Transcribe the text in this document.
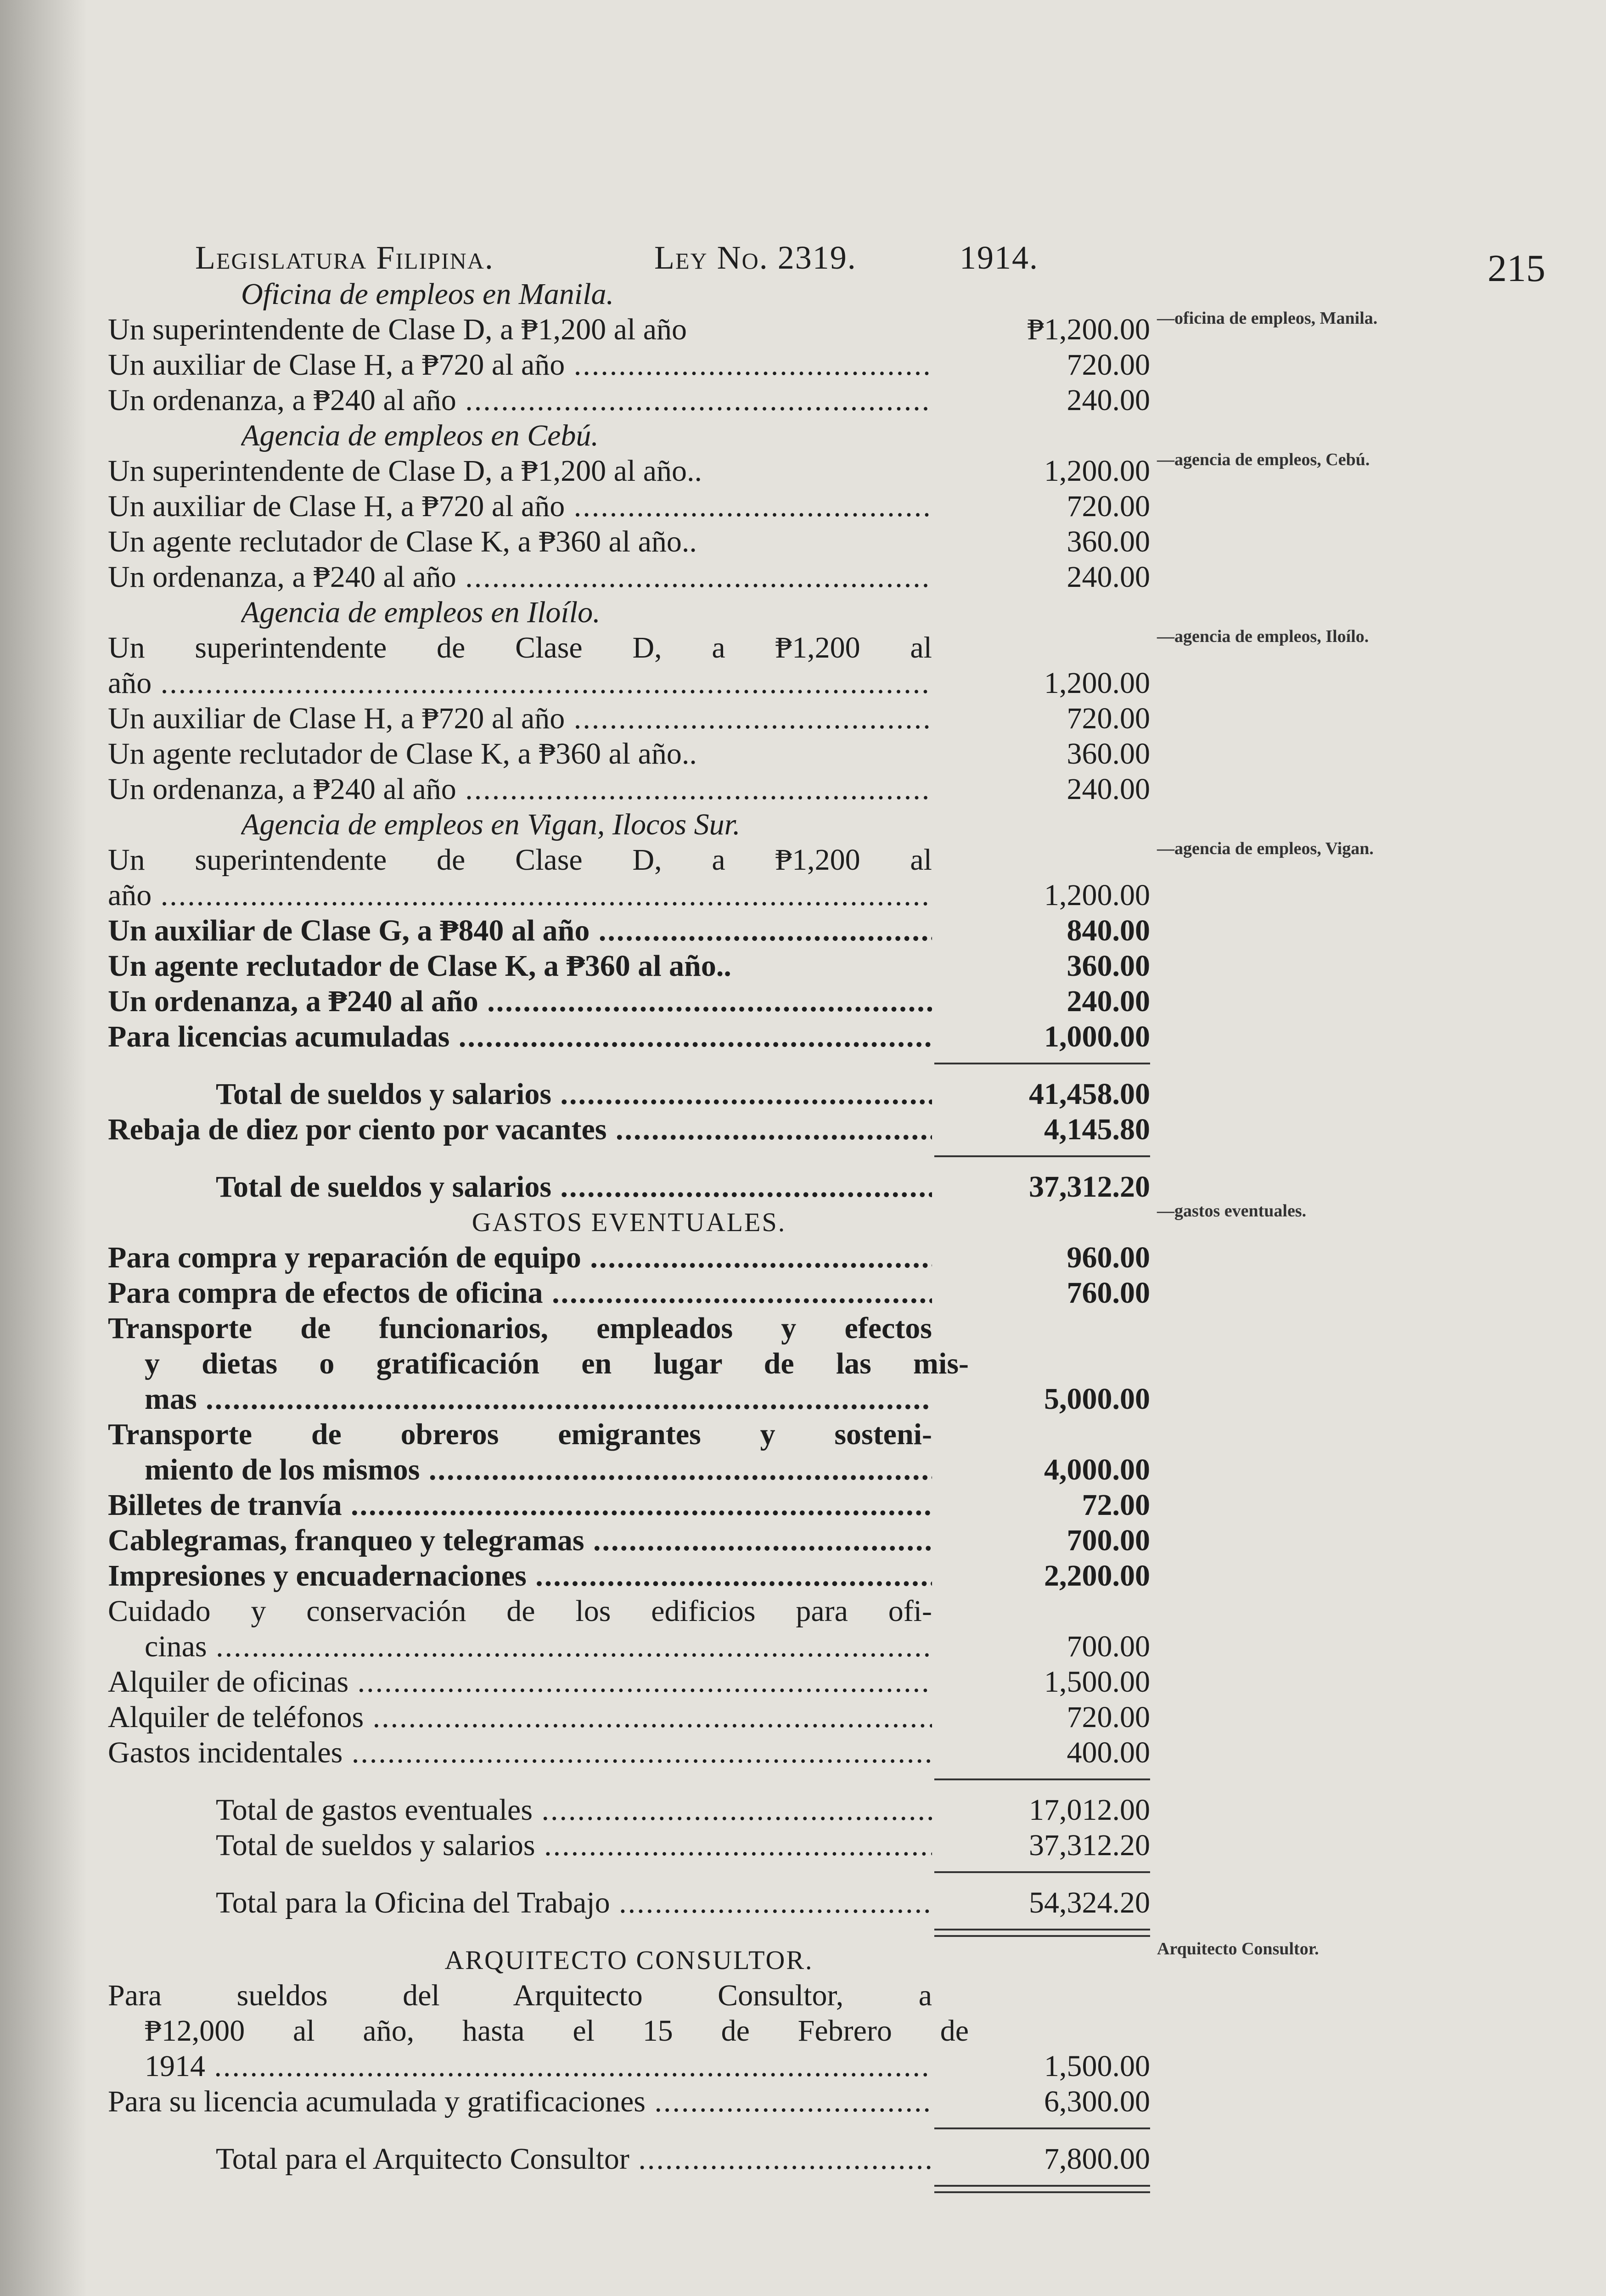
Legislatura Filipina.	Ley No. 2319.	1914.	215
Oficina de empleos en Manila.
Un superintendente de Clase D, a ₱1,200 al año	₱1,200.00
Un auxiliar de Clase H, a ₱720 al año .....	720.00
Un ordenanza, a ₱240 al año .....	240.00
Agencia de empleos en Cebú.
Un superintendente de Clase D, a ₱1,200 al año..	1,200.00
Un auxiliar de Clase H, a ₱720 al año .....	720.00
Un agente reclutador de Clase K, a ₱360 al año..	360.00
Un ordenanza, a ₱240 al año .....	240.00
Agencia de empleos en Iloílo.
Un superintendente de Clase D, a ₱1,200 al
año .....	1,200.00
Un auxiliar de Clase H, a ₱720 al año .....	720.00
Un agente reclutador de Clase K, a ₱360 al año..	360.00
Un ordenanza, a ₱240 al año .....	240.00
Agencia de empleos en Vigan, Ilocos Sur.
Un superintendente de Clase D, a ₱1,200 al
año .....	1,200.00
Un auxiliar de Clase G, a ₱840 al año .....	840.00
Un agente reclutador de Clase K, a ₱360 al año..	360.00
Un ordenanza, a ₱240 al año .....	240.00
Para licencias acumuladas .....	1,000.00
Total de sueldos y salarios .....	41,458.00
Rebaja de diez por ciento por vacantes .....	4,145.80
Total de sueldos y salarios .....	37,312.20
GASTOS EVENTUALES.
Para compra y reparación de equipo .....	960.00
Para compra de efectos de oficina .....	760.00
Transporte de funcionarios, empleados y efectos
y dietas o gratificación en lugar de las mis-
mas .....	5,000.00
Transporte de obreros emigrantes y sosteni-
miento de los mismos .....	4,000.00
Billetes de tranvía .....	72.00
Cablegramas, franqueo y telegramas .....	700.00
Impresiones y encuadernaciones .....	2,200.00
Cuidado y conservación de los edificios para ofi-
cinas .....	700.00
Alquiler de oficinas .....	1,500.00
Alquiler de teléfonos .....	720.00
Gastos incidentales .....	400.00
Total de gastos eventuales .....	17,012.00
Total de sueldos y salarios .....	37,312.20
Total para la Oficina del Trabajo .....	54,324.20
ARQUITECTO CONSULTOR.
Para sueldos del Arquitecto Consultor, a
₱12,000 al año, hasta el 15 de Febrero de
1914 .....	1,500.00
Para su licencia acumulada y gratificaciones .....	6,300.00
Total para el Arquitecto Consultor .....	7,800.00
—oficina de empleos, Manila.
—agencia de empleos, Cebú.
—agencia de empleos, Iloílo.
—agencia de empleos, Vigan.
—gastos eventuales.
Arquitecto Consultor.
